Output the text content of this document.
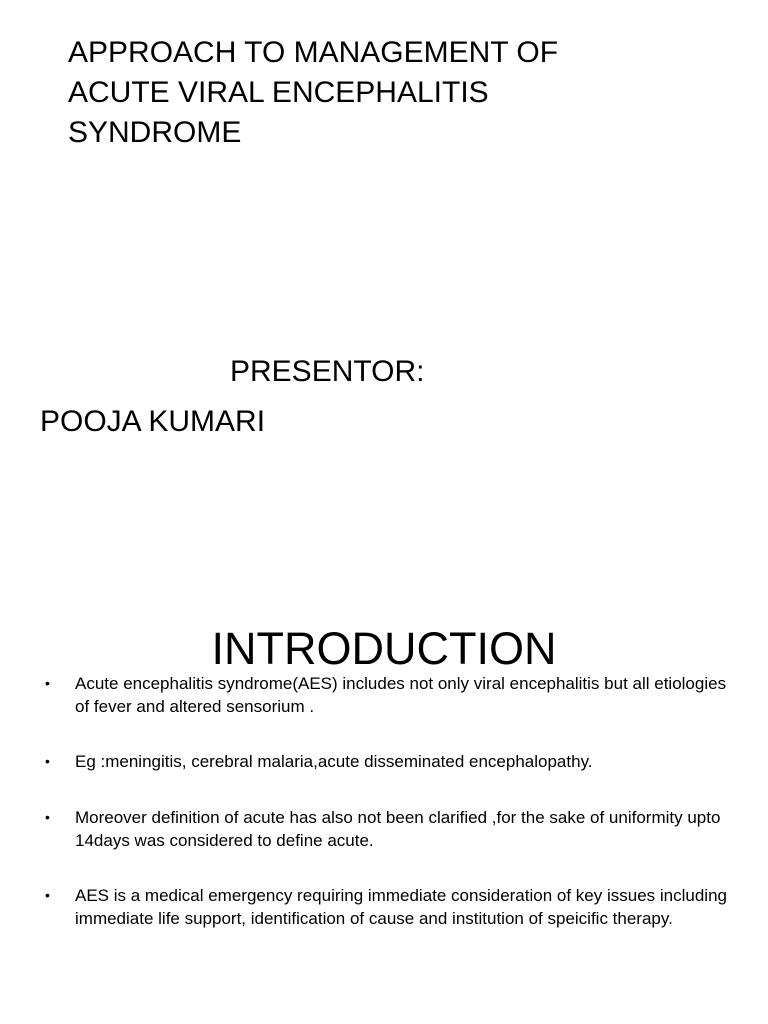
APPROACH TO MANAGEMENT OF
ACUTE VIRAL ENCEPHALITIS
SYNDROME
PRESENTOR:
POOJA KUMARI
INTRODUCTION
• Acute encephalitis syndrome(AES) includes not only viral encephalitis but all etiologies of fever and altered sensorium .
• Eg :meningitis, cerebral malaria,acute disseminated encephalopathy.
• Moreover definition of acute has also not been clarified ,for the sake of uniformity upto 14days was considered to define acute.
• AES is a medical emergency requiring immediate consideration of key issues including immediate life support, identification of cause and institution of speicific therapy.
